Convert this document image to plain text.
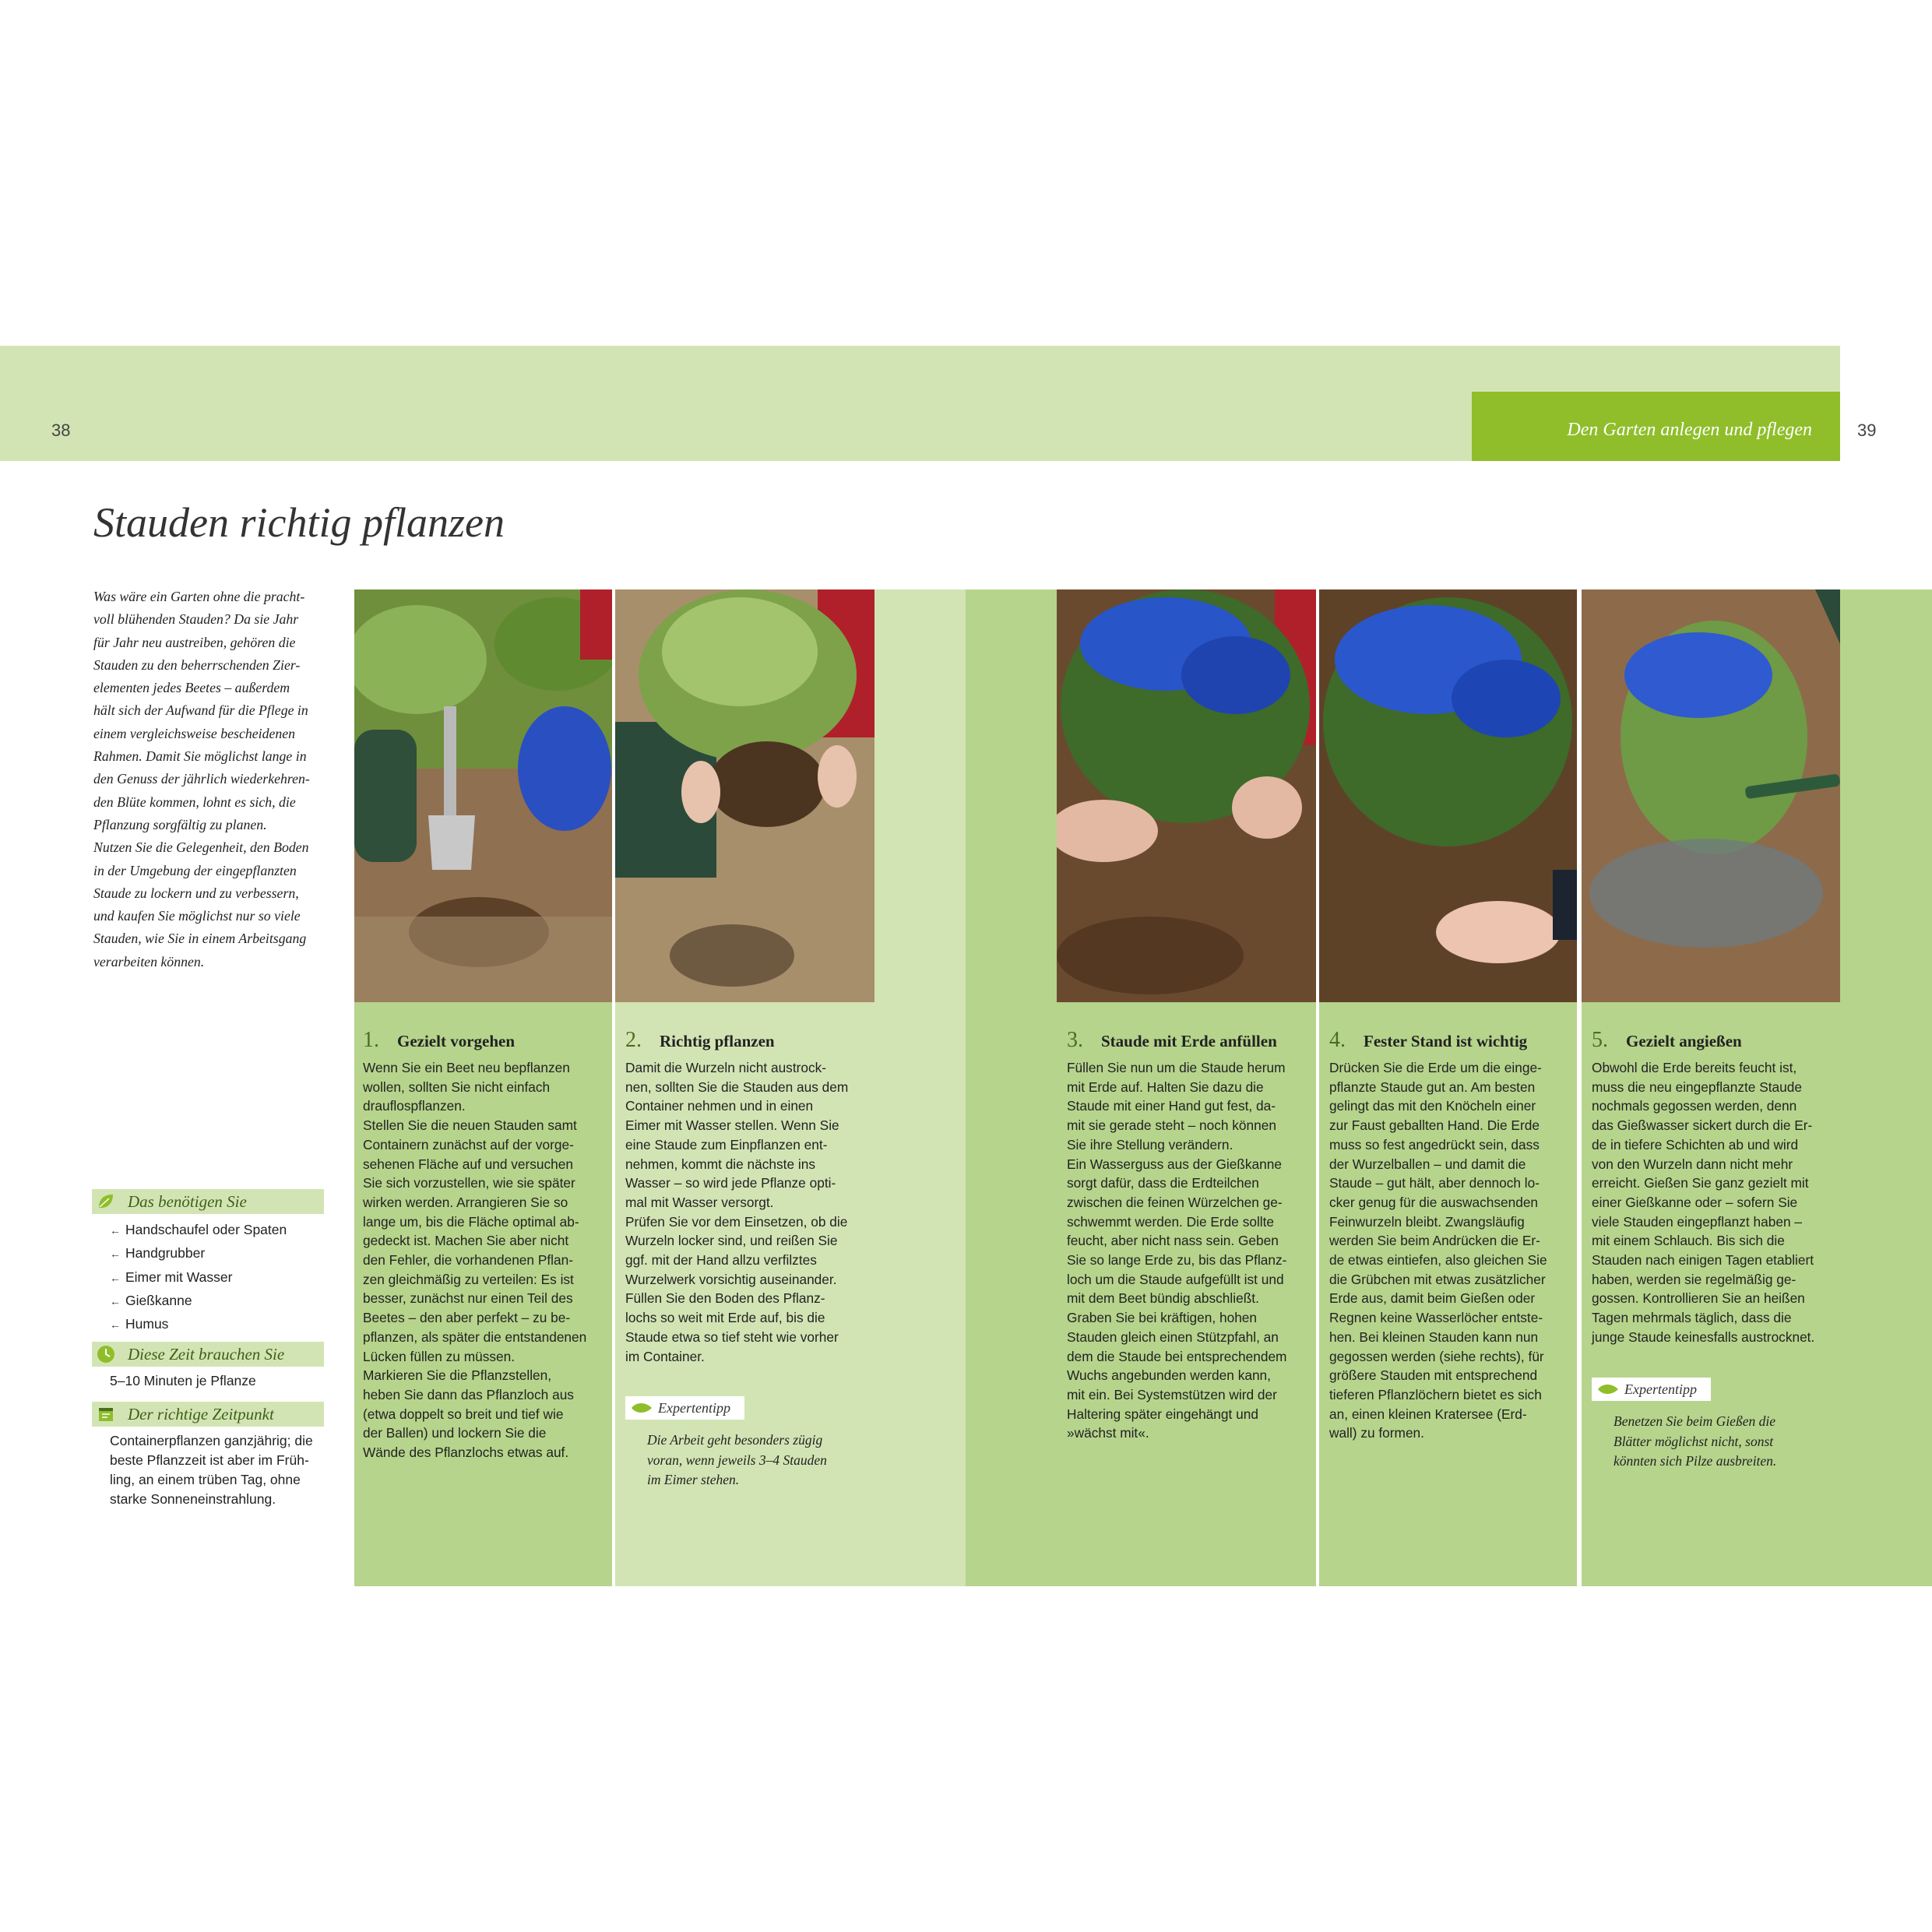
38	Den Garten anlegen und pflegen	39
Stauden richtig pflanzen
Was wäre ein Garten ohne die pracht-
voll blühenden Stauden? Da sie Jahr
für Jahr neu austreiben, gehören die
Stauden zu den beherrschenden Zier-
elementen jedes Beetes – außerdem
hält sich der Aufwand für die Pflege in
einem vergleichsweise bescheidenen
Rahmen. Damit Sie möglichst lange in
den Genuss der jährlich wiederkehren-
den Blüte kommen, lohnt es sich, die
Pflanzung sorgfältig zu planen.
Nutzen Sie die Gelegenheit, den Boden
in der Umgebung der eingepflanzten
Staude zu lockern und zu verbessern,
und kaufen Sie möglichst nur so viele
Stauden, wie Sie in einem Arbeitsgang
verarbeiten können.
Das benötigen Sie
← Handschaufel oder Spaten
← Handgrubber
← Eimer mit Wasser
← Gießkanne
← Humus
Diese Zeit brauchen Sie
5–10 Minuten je Pflanze
Der richtige Zeitpunkt
Containerpflanzen ganzjährig; die
beste Pflanzzeit ist aber im Früh-
ling, an einem trüben Tag, ohne
starke Sonneneinstrahlung.
1.	Gezielt vorgehen
Wenn Sie ein Beet neu bepflanzen
wollen, sollten Sie nicht einfach
drauflospflanzen.
Stellen Sie die neuen Stauden samt
Containern zunächst auf der vorge-
sehenen Fläche auf und versuchen
Sie sich vorzustellen, wie sie später
wirken werden. Arrangieren Sie so
lange um, bis die Fläche optimal ab-
gedeckt ist. Machen Sie aber nicht
den Fehler, die vorhandenen Pflan-
zen gleichmäßig zu verteilen: Es ist
besser, zunächst nur einen Teil des
Beetes – den aber perfekt – zu be-
pflanzen, als später die entstandenen
Lücken füllen zu müssen.
Markieren Sie die Pflanzstellen,
heben Sie dann das Pflanzloch aus
(etwa doppelt so breit und tief wie
der Ballen) und lockern Sie die
Wände des Pflanzlochs etwas auf.
2.	Richtig pflanzen
Damit die Wurzeln nicht austrock-
nen, sollten Sie die Stauden aus dem
Container nehmen und in einen
Eimer mit Wasser stellen. Wenn Sie
eine Staude zum Einpflanzen ent-
nehmen, kommt die nächste ins
Wasser – so wird jede Pflanze opti-
mal mit Wasser versorgt.
Prüfen Sie vor dem Einsetzen, ob die
Wurzeln locker sind, und reißen Sie
ggf. mit der Hand allzu verfilztes
Wurzelwerk vorsichtig auseinander.
Füllen Sie den Boden des Pflanz-
lochs so weit mit Erde auf, bis die
Staude etwa so tief steht wie vorher
im Container.
Expertentipp
Die Arbeit geht besonders zügig
voran, wenn jeweils 3–4 Stauden
im Eimer stehen.
3.	Staude mit Erde anfüllen
Füllen Sie nun um die Staude herum
mit Erde auf. Halten Sie dazu die
Staude mit einer Hand gut fest, da-
mit sie gerade steht – noch können
Sie ihre Stellung verändern.
Ein Wasserguss aus der Gießkanne
sorgt dafür, dass die Erdteilchen
zwischen die feinen Würzelchen ge-
schwemmt werden. Die Erde sollte
feucht, aber nicht nass sein. Geben
Sie so lange Erde zu, bis das Pflanz-
loch um die Staude aufgefüllt ist und
mit dem Beet bündig abschließt.
Graben Sie bei kräftigen, hohen
Stauden gleich einen Stützpfahl, an
dem die Staude bei entsprechendem
Wuchs angebunden werden kann,
mit ein. Bei Systemstützen wird der
Haltering später eingehängt und
»wächst mit«.
4.	Fester Stand ist wichtig
Drücken Sie die Erde um die einge-
pflanzte Staude gut an. Am besten
gelingt das mit den Knöcheln einer
zur Faust geballten Hand. Die Erde
muss so fest angedrückt sein, dass
der Wurzelballen – und damit die
Staude – gut hält, aber dennoch lo-
cker genug für die auswachsenden
Feinwurzeln bleibt. Zwangsläufig
werden Sie beim Andrücken die Er-
de etwas eintiefen, also gleichen Sie
die Grübchen mit etwas zusätzlicher
Erde aus, damit beim Gießen oder
Regnen keine Wasserlöcher entste-
hen. Bei kleinen Stauden kann nun
gegossen werden (siehe rechts), für
größere Stauden mit entsprechend
tieferen Pflanzlöchern bietet es sich
an, einen kleinen Kratersee (Erd-
wall) zu formen.
5.	Gezielt angießen
Obwohl die Erde bereits feucht ist,
muss die neu eingepflanzte Staude
nochmals gegossen werden, denn
das Gießwasser sickert durch die Er-
de in tiefere Schichten ab und wird
von den Wurzeln dann nicht mehr
erreicht. Gießen Sie ganz gezielt mit
einer Gießkanne oder – sofern Sie
viele Stauden eingepflanzt haben –
mit einem Schlauch. Bis sich die
Stauden nach einigen Tagen etabliert
haben, werden sie regelmäßig ge-
gossen. Kontrollieren Sie an heißen
Tagen mehrmals täglich, dass die
junge Staude keinesfalls austrocknet.
Expertentipp
Benetzen Sie beim Gießen die
Blätter möglichst nicht, sonst
könnten sich Pilze ausbreiten.
